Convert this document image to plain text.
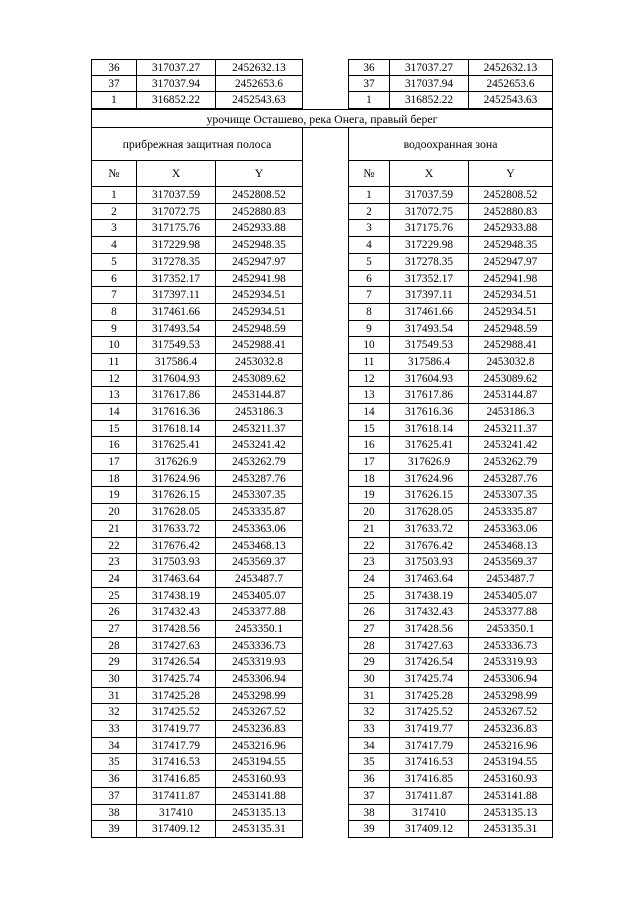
36	317037.27	2452632.13	36	317037.27	2452632.13
37	317037.94	2452653.6	37	317037.94	2452653.6
1	316852.22	2452543.63	1	316852.22	2452543.63
урочище Осташево, река Онега, правый берег
прибрежная защитная полоса	водоохранная зона
№	X	Y	№	X	Y
1	317037.59	2452808.52	1	317037.59	2452808.52
2	317072.75	2452880.83	2	317072.75	2452880.83
3	317175.76	2452933.88	3	317175.76	2452933.88
4	317229.98	2452948.35	4	317229.98	2452948.35
5	317278.35	2452947.97	5	317278.35	2452947.97
6	317352.17	2452941.98	6	317352.17	2452941.98
7	317397.11	2452934.51	7	317397.11	2452934.51
8	317461.66	2452934.51	8	317461.66	2452934.51
9	317493.54	2452948.59	9	317493.54	2452948.59
10	317549.53	2452988.41	10	317549.53	2452988.41
11	317586.4	2453032.8	11	317586.4	2453032.8
12	317604.93	2453089.62	12	317604.93	2453089.62
13	317617.86	2453144.87	13	317617.86	2453144.87
14	317616.36	2453186.3	14	317616.36	2453186.3
15	317618.14	2453211.37	15	317618.14	2453211.37
16	317625.41	2453241.42	16	317625.41	2453241.42
17	317626.9	2453262.79	17	317626.9	2453262.79
18	317624.96	2453287.76	18	317624.96	2453287.76
19	317626.15	2453307.35	19	317626.15	2453307.35
20	317628.05	2453335.87	20	317628.05	2453335.87
21	317633.72	2453363.06	21	317633.72	2453363.06
22	317676.42	2453468.13	22	317676.42	2453468.13
23	317503.93	2453569.37	23	317503.93	2453569.37
24	317463.64	2453487.7	24	317463.64	2453487.7
25	317438.19	2453405.07	25	317438.19	2453405.07
26	317432.43	2453377.88	26	317432.43	2453377.88
27	317428.56	2453350.1	27	317428.56	2453350.1
28	317427.63	2453336.73	28	317427.63	2453336.73
29	317426.54	2453319.93	29	317426.54	2453319.93
30	317425.74	2453306.94	30	317425.74	2453306.94
31	317425.28	2453298.99	31	317425.28	2453298.99
32	317425.52	2453267.52	32	317425.52	2453267.52
33	317419.77	2453236.83	33	317419.77	2453236.83
34	317417.79	2453216.96	34	317417.79	2453216.96
35	317416.53	2453194.55	35	317416.53	2453194.55
36	317416.85	2453160.93	36	317416.85	2453160.93
37	317411.87	2453141.88	37	317411.87	2453141.88
38	317410	2453135.13	38	317410	2453135.13
39	317409.12	2453135.31	39	317409.12	2453135.31
